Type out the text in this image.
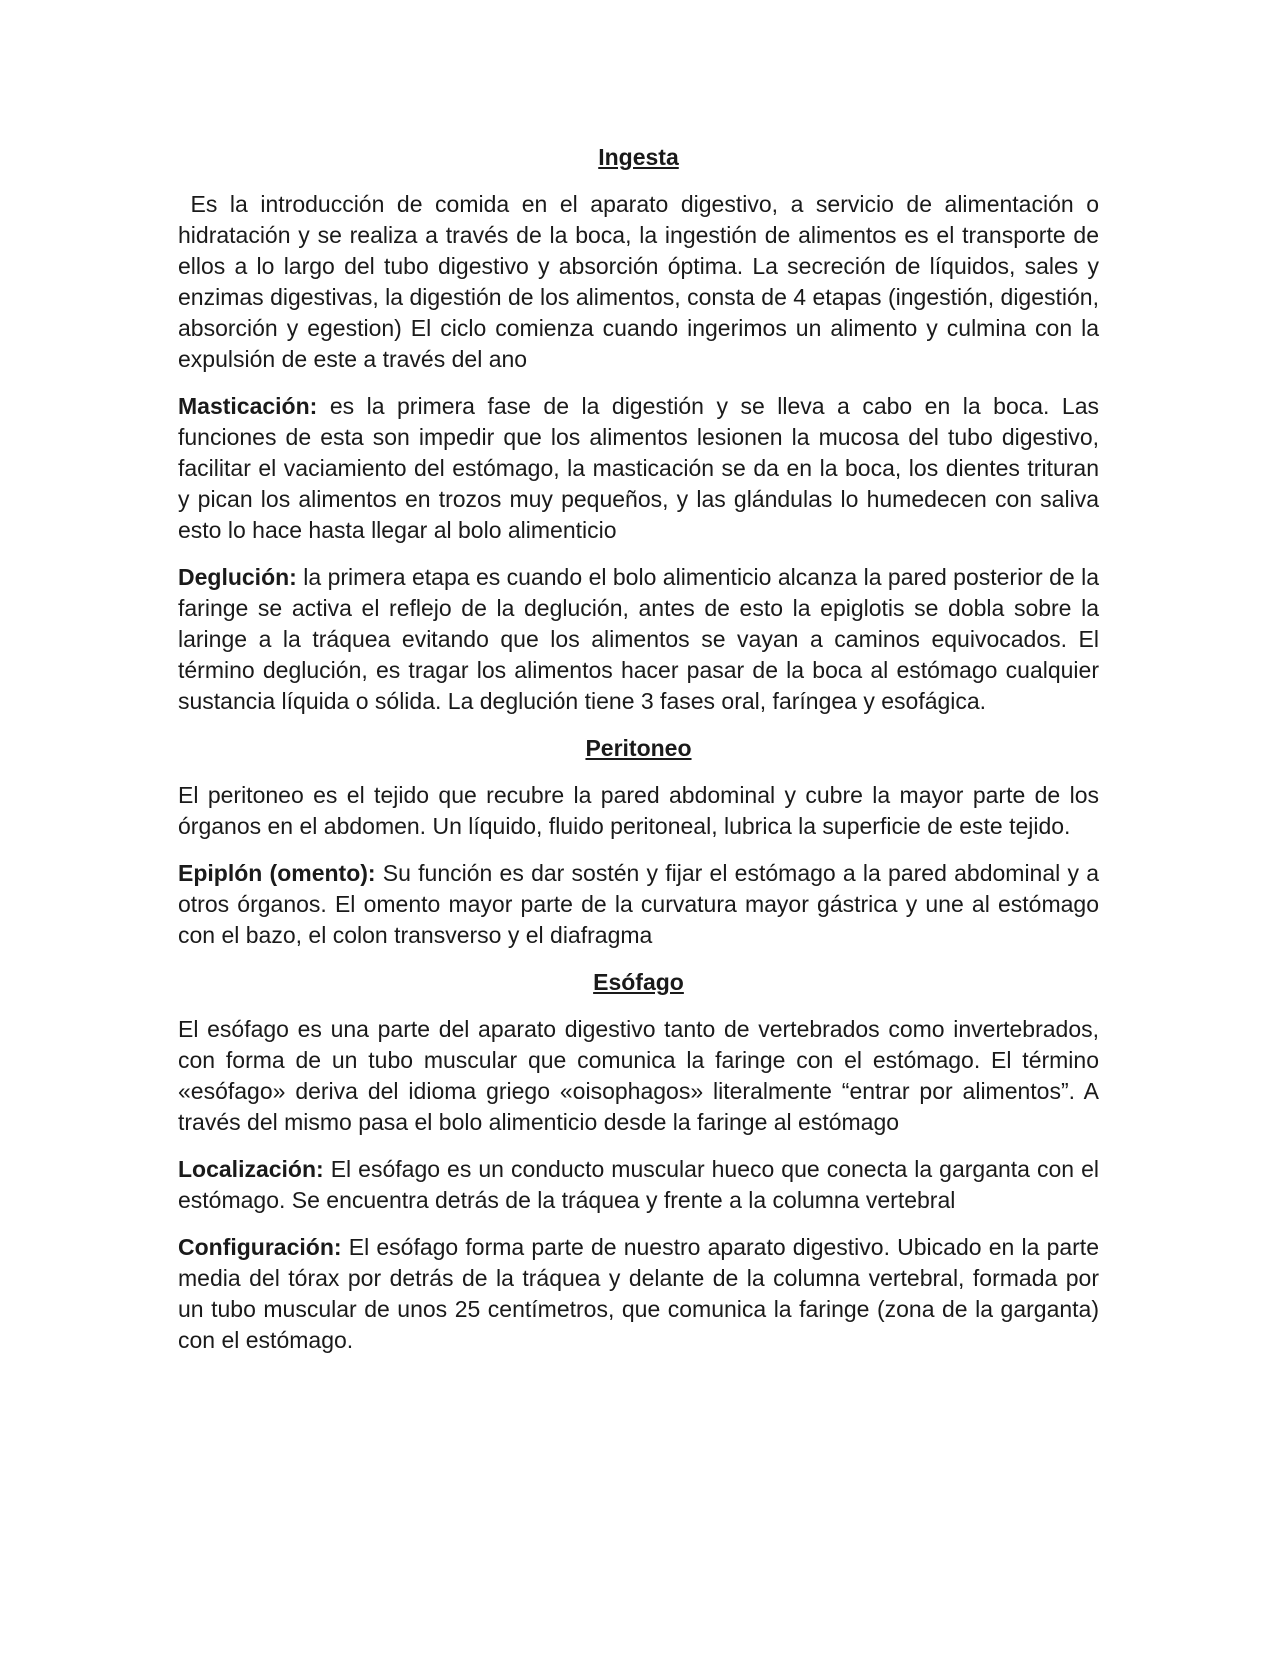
Ingesta

Es la introducción de comida en el aparato digestivo, a servicio de alimentación o hidratación y se realiza a través de la boca, la ingestión de alimentos es el transporte de ellos a lo largo del tubo digestivo y absorción óptima. La secreción de líquidos, sales y enzimas digestivas, la digestión de los alimentos, consta de 4 etapas (ingestión, digestión, absorción y egestion) El ciclo comienza cuando ingerimos un alimento y culmina con la expulsión de este a través del ano

Masticación: es la primera fase de la digestión y se lleva a cabo en la boca. Las funciones de esta son impedir que los alimentos lesionen la mucosa del tubo digestivo, facilitar el vaciamiento del estómago, la masticación se da en la boca, los dientes trituran y pican los alimentos en trozos muy pequeños, y las glándulas lo humedecen con saliva esto lo hace hasta llegar al bolo alimenticio

Deglución: la primera etapa es cuando el bolo alimenticio alcanza la pared posterior de la faringe se activa el reflejo de la deglución, antes de esto la epiglotis se dobla sobre la laringe a la tráquea evitando que los alimentos se vayan a caminos equivocados. El término deglución, es tragar los alimentos hacer pasar de la boca al estómago cualquier sustancia líquida o sólida. La deglución tiene 3 fases oral, faríngea y esofágica.

Peritoneo

El peritoneo es el tejido que recubre la pared abdominal y cubre la mayor parte de los órganos en el abdomen. Un líquido, fluido peritoneal, lubrica la superficie de este tejido.

Epiplón (omento): Su función es dar sostén y fijar el estómago a la pared abdominal y a otros órganos. El omento mayor parte de la curvatura mayor gástrica y une al estómago con el bazo, el colon transverso y el diafragma

Esófago

El esófago es una parte del aparato digestivo tanto de vertebrados como invertebrados, con forma de un tubo muscular que comunica la faringe con el estómago. El término «esófago» deriva del idioma griego «oisophagos» literalmente “entrar por alimentos”. A través del mismo pasa el bolo alimenticio desde la faringe al estómago

Localización: El esófago es un conducto muscular hueco que conecta la garganta con el estómago. Se encuentra detrás de la tráquea y frente a la columna vertebral

Configuración: El esófago forma parte de nuestro aparato digestivo. Ubicado en la parte media del tórax por detrás de la tráquea y delante de la columna vertebral, formada por un tubo muscular de unos 25 centímetros, que comunica la faringe (zona de la garganta) con el estómago.
